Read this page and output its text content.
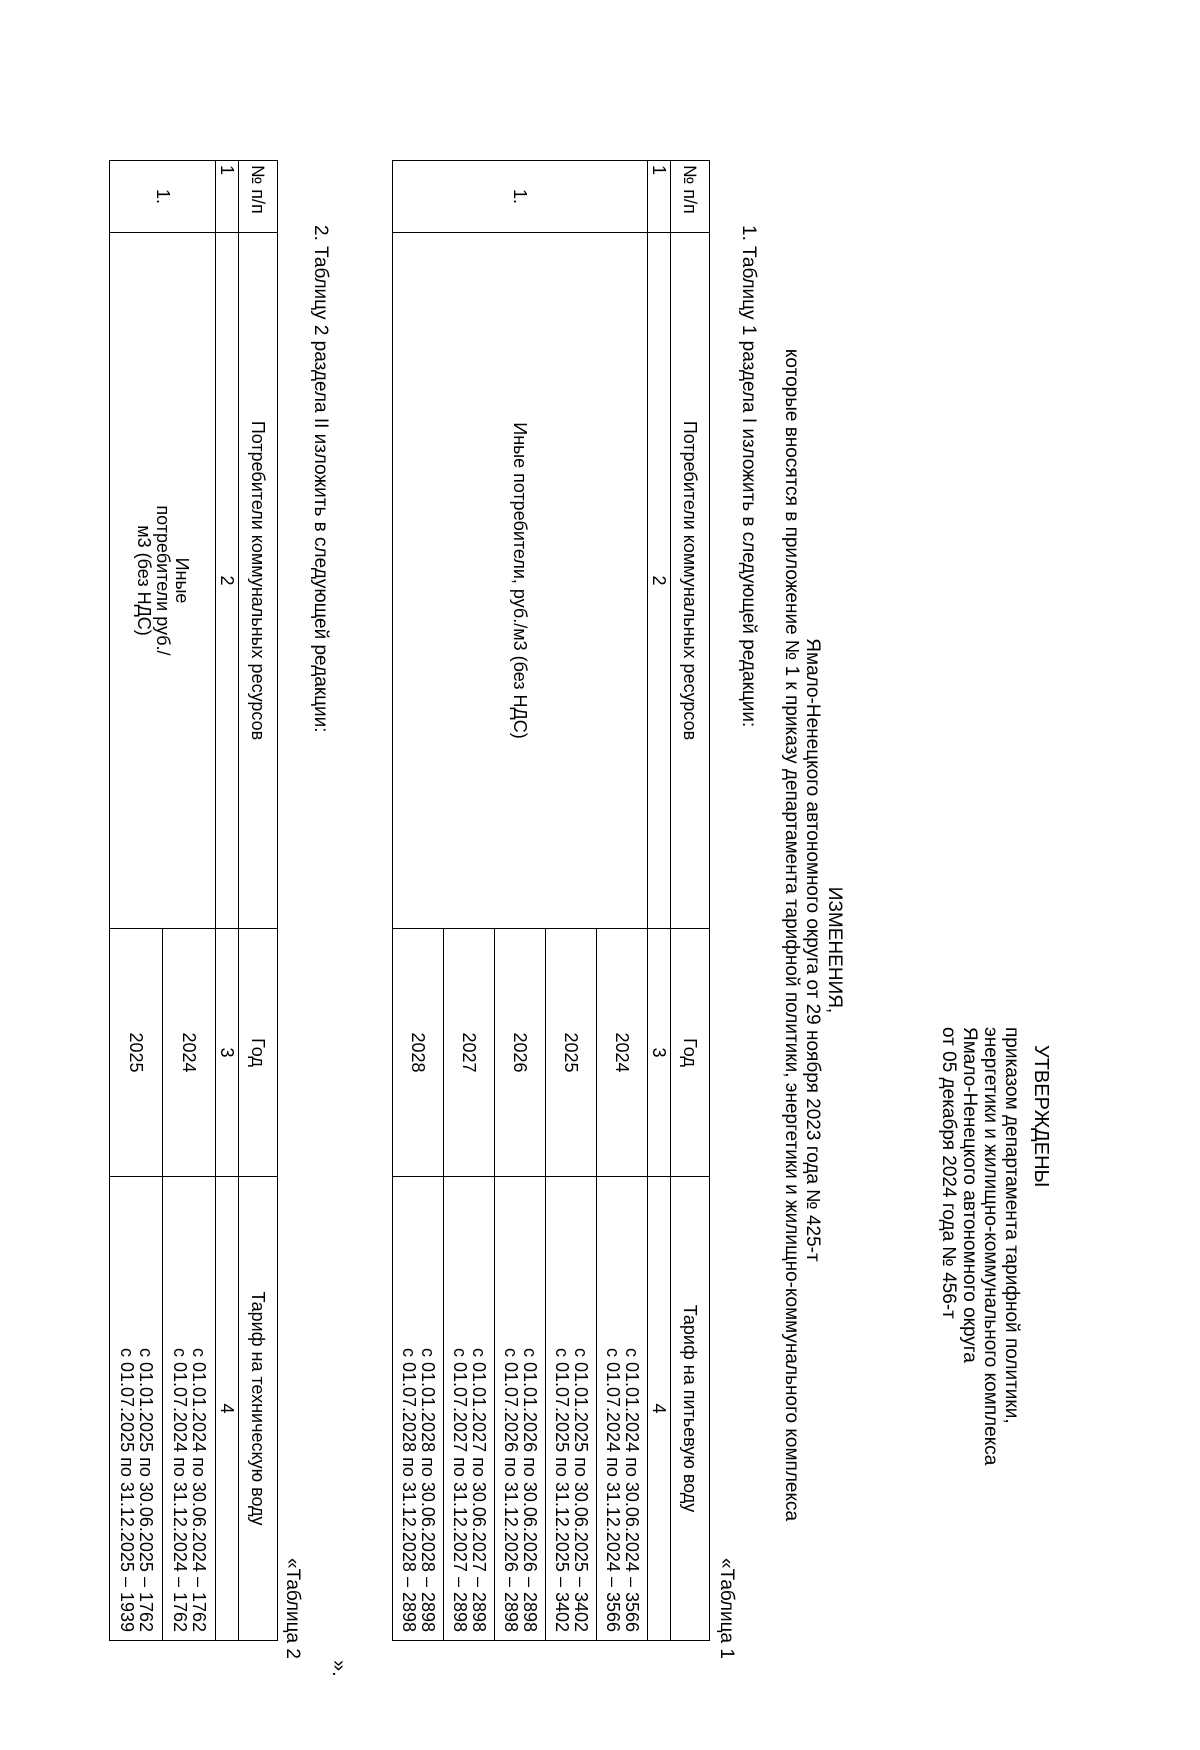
УТВЕРЖДЕНЫ
приказом департамента тарифной политики,
энергетики и жилищно-коммунального комплекса
Ямало-Ненецкого автономного округа
от 05 декабря 2024 года № 456-т
ИЗМЕНЕНИЯ,
которые вносятся в приложение № 1 к приказу департамента тарифной политики, энергетики и жилищно-коммунального комплекса Ямало-Ненецкого автономного округа от 29 ноября 2023 года № 425-т
1. Таблицу 1 раздела I изложить в следующей редакции:
«Таблица 1
№ п/п	Потребители коммунальных ресурсов	Год	Тариф на питьевую воду
1	2	3	4
1.	Иные потребители, руб./м3 (без НДС)	2024	с 01.01.2024 по 30.06.2024 – 3566
с 01.07.2024 по 31.12.2024 – 3566

		2025	с 01.01.2025 по 30.06.2025 – 3402
с 01.07.2025 по 31.12.2025 – 3402

		2026	с 01.01.2026 по 30.06.2026 – 2898
с 01.07.2026 по 31.12.2026 – 2898

		2027	с 01.01.2027 по 30.06.2027 – 2898
с 01.07.2027 по 31.12.2027 – 2898

		2028	с 01.01.2028 по 30.06.2028 – 2898
с 01.07.2028 по 31.12.2028 – 2898
».
2. Таблицу 2 раздела II изложить в следующей редакции:
«Таблица 2
№ п/п	Потребители коммунальных ресурсов	Год	Тариф на техническую воду
1	2	3	4
1.	Иные потребители руб./м3 (без НДС)	2024	с 01.01.2024 по 30.06.2024 – 1762
с 01.07.2024 по 31.12.2024 – 1762

		2025	с 01.01.2025 по 30.06.2025 – 1762
с 01.07.2025 по 31.12.2025 – 1939
